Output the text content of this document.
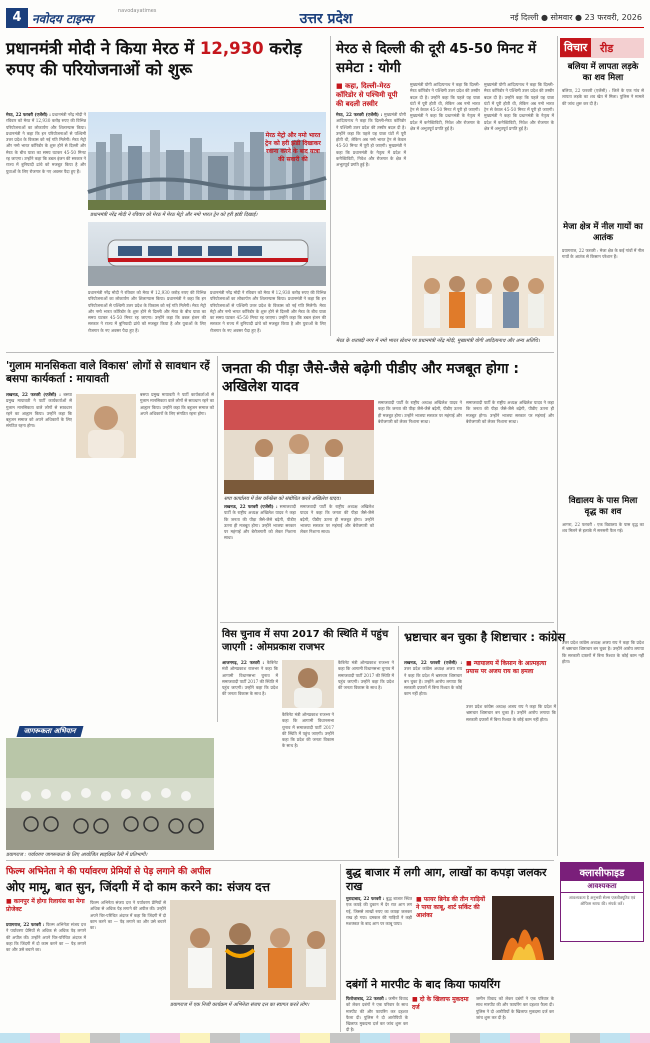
4 नवोदय टाइम्स
navodayatimes	उत्तर प्रदेश	नई दिल्ली ● सोमवार ● 23 फरवरी, 2026
प्रधानमंत्री मोदी ने किया मेरठ में 12,930 करोड़ रुपए की परियोजनाओं को शुरू
मेरठ, 22 फरवरी (एजेंसी) : प्रधानमंत्री नरेंद्र मोदी ने रविवार को मेरठ में 12,930 करोड़ रुपए की विभिन्न परियोजनाओं का लोकार्पण और शिलान्यास किया। प्रधानमंत्री ने कहा कि इन परियोजनाओं से पश्चिमी उत्तर प्रदेश के विकास को नई गति मिलेगी। मेरठ मेट्रो और नमो भारत कॉरिडोर के शुरू होने से दिल्ली और मेरठ के बीच यात्रा का समय घटकर 45-50 मिनट रह जाएगा। उन्होंने कहा कि डबल इंजन की सरकार ने राज्य में बुनियादी ढांचे को मजबूत किया है और युवाओं के लिए रोजगार के नए अवसर पैदा हुए हैं।
मेरठ मेट्रो और नमो भारत ट्रेन को हरी झंडी दिखाकर रवाना करने के बाद यात्रा की सवारी की
प्रधानमंत्री नरेंद्र मोदी ने रविवार को मेरठ में मेरठ मेट्रो और नमो भारत ट्रेन को हरी झंडी दिखाई।
प्रधानमंत्री नरेंद्र मोदी ने रविवार को मेरठ में 12,930 करोड़ रुपए की विभिन्न परियोजनाओं का लोकार्पण और शिलान्यास किया। प्रधानमंत्री ने कहा कि इन परियोजनाओं से पश्चिमी उत्तर प्रदेश के विकास को नई गति मिलेगी। मेरठ मेट्रो और नमो भारत कॉरिडोर के शुरू होने से दिल्ली और मेरठ के बीच यात्रा का समय घटकर 45-50 मिनट रह जाएगा। उन्होंने कहा कि डबल इंजन की सरकार ने राज्य में बुनियादी ढांचे को मजबूत किया है और युवाओं के लिए रोजगार के नए अवसर पैदा हुए हैं।
प्रधानमंत्री नरेंद्र मोदी ने रविवार को मेरठ में 12,930 करोड़ रुपए की विभिन्न परियोजनाओं का लोकार्पण और शिलान्यास किया। प्रधानमंत्री ने कहा कि इन परियोजनाओं से पश्चिमी उत्तर प्रदेश के विकास को नई गति मिलेगी। मेरठ मेट्रो और नमो भारत कॉरिडोर के शुरू होने से दिल्ली और मेरठ के बीच यात्रा का समय घटकर 45-50 मिनट रह जाएगा। उन्होंने कहा कि डबल इंजन की सरकार ने राज्य में बुनियादी ढांचे को मजबूत किया है और युवाओं के लिए रोजगार के नए अवसर पैदा हुए हैं।
मेरठ से दिल्ली की दूरी 45-50 मिनट में समेटा : योगी
■ कहा, दिल्ली-मेरठ कॉरिडोर से पश्चिमी यूपी की बदली तस्वीर
मेरठ, 22 फरवरी (एजेंसी) : मुख्यमंत्री योगी आदित्यनाथ ने कहा कि दिल्ली-मेरठ कॉरिडोर ने पश्चिमी उत्तर प्रदेश की तस्वीर बदल दी है। उन्होंने कहा कि पहले यह यात्रा घंटों में पूरी होती थी, लेकिन अब नमो भारत ट्रेन से केवल 45-50 मिनट में पूरी हो जाएगी। मुख्यमंत्री ने कहा कि प्रधानमंत्री के नेतृत्व में प्रदेश में कनेक्टिविटी, निवेश और रोजगार के क्षेत्र में अभूतपूर्व प्रगति हुई है।
मुख्यमंत्री योगी आदित्यनाथ ने कहा कि दिल्ली-मेरठ कॉरिडोर ने पश्चिमी उत्तर प्रदेश की तस्वीर बदल दी है। उन्होंने कहा कि पहले यह यात्रा घंटों में पूरी होती थी, लेकिन अब नमो भारत ट्रेन से केवल 45-50 मिनट में पूरी हो जाएगी। मुख्यमंत्री ने कहा कि प्रधानमंत्री के नेतृत्व में प्रदेश में कनेक्टिविटी, निवेश और रोजगार के क्षेत्र में अभूतपूर्व प्रगति हुई है।
मुख्यमंत्री योगी आदित्यनाथ ने कहा कि दिल्ली-मेरठ कॉरिडोर ने पश्चिमी उत्तर प्रदेश की तस्वीर बदल दी है। उन्होंने कहा कि पहले यह यात्रा घंटों में पूरी होती थी, लेकिन अब नमो भारत ट्रेन से केवल 45-50 मिनट में पूरी हो जाएगी। मुख्यमंत्री ने कहा कि प्रधानमंत्री के नेतृत्व में प्रदेश में कनेक्टिविटी, निवेश और रोजगार के क्षेत्र में अभूतपूर्व प्रगति हुई है।
मेरठ के शताब्दी नगर में नमो भारत स्टेशन पर प्रधानमंत्री नरेंद्र मोदी, मुख्यमंत्री योगी आदित्यनाथ और अन्य अतिथि।
विचार	रीड
बलिया में लापता लड़के का शव मिला
बलिया, 22 फरवरी (एजेंसी) : जिले के एक गांव से लापता लड़के का शव खेत में मिला। पुलिस ने मामले की जांच शुरू कर दी है।
मेजा क्षेत्र में नील गायों का आतंक
प्रयागराज, 22 फरवरी : मेजा क्षेत्र के कई गांवों में नील गायों के आतंक से किसान परेशान हैं।
विद्यालय के पास मिला वृद्ध का शव
आगरा, 22 फरवरी : एक विद्यालय के पास वृद्ध का शव मिलने से इलाके में सनसनी फैल गई।
'गुलाम मानसिकता वाले विकास' लोगों से सावधान रहें बसपा कार्यकर्ता : मायावती
लखनऊ, 22 फरवरी (एजेंसी) : बसपा प्रमुख मायावती ने पार्टी कार्यकर्ताओं से गुलाम मानसिकता वाले लोगों से सावधान रहने का आह्वान किया। उन्होंने कहा कि बहुजन समाज को अपने अधिकारों के लिए संगठित रहना होगा।
बसपा प्रमुख मायावती ने पार्टी कार्यकर्ताओं से गुलाम मानसिकता वाले लोगों से सावधान रहने का आह्वान किया। उन्होंने कहा कि बहुजन समाज को अपने अधिकारों के लिए संगठित रहना होगा।
जनता की पीड़ा जैसे-जैसे बढ़ेगी पीडीए और मजबूत होगा : अखिलेश यादव
सपा कार्यालय में प्रेस कॉन्फ्रेंस को संबोधित करते अखिलेश यादव।
लखनऊ, 22 फरवरी (एजेंसी) : समाजवादी पार्टी के राष्ट्रीय अध्यक्ष अखिलेश यादव ने कहा कि जनता की पीड़ा जैसे-जैसे बढ़ेगी, पीडीए उतना ही मजबूत होगा। उन्होंने भाजपा सरकार पर महंगाई और बेरोजगारी को लेकर निशाना साधा।
समाजवादी पार्टी के राष्ट्रीय अध्यक्ष अखिलेश यादव ने कहा कि जनता की पीड़ा जैसे-जैसे बढ़ेगी, पीडीए उतना ही मजबूत होगा। उन्होंने भाजपा सरकार पर महंगाई और बेरोजगारी को लेकर निशाना साधा।
समाजवादी पार्टी के राष्ट्रीय अध्यक्ष अखिलेश यादव ने कहा कि जनता की पीड़ा जैसे-जैसे बढ़ेगी, पीडीए उतना ही मजबूत होगा। उन्होंने भाजपा सरकार पर महंगाई और बेरोजगारी को लेकर निशाना साधा।
समाजवादी पार्टी के राष्ट्रीय अध्यक्ष अखिलेश यादव ने कहा कि जनता की पीड़ा जैसे-जैसे बढ़ेगी, पीडीए उतना ही मजबूत होगा। उन्होंने भाजपा सरकार पर महंगाई और बेरोजगारी को लेकर निशाना साधा।
जागरूकता अभियान
प्रयागराज : पर्यावरण जागरूकता के लिए आयोजित साइकिल रैली में प्रतिभागी।
विस चुनाव में सपा 2017 की स्थिति में पहुंच जाएगी : ओमप्रकाश राजभर
आजमगढ़, 22 फरवरी : कैबिनेट मंत्री ओमप्रकाश राजभर ने कहा कि आगामी विधानसभा चुनाव में समाजवादी पार्टी 2017 की स्थिति में पहुंच जाएगी। उन्होंने कहा कि प्रदेश की जनता विकास के साथ है।
कैबिनेट मंत्री ओमप्रकाश राजभर ने कहा कि आगामी विधानसभा चुनाव में समाजवादी पार्टी 2017 की स्थिति में पहुंच जाएगी। उन्होंने कहा कि प्रदेश की जनता विकास के साथ है।
कैबिनेट मंत्री ओमप्रकाश राजभर ने कहा कि आगामी विधानसभा चुनाव में समाजवादी पार्टी 2017 की स्थिति में पहुंच जाएगी। उन्होंने कहा कि प्रदेश की जनता विकास के साथ है।
भ्रष्टाचार बन चुका है शिष्टाचार : कांग्रेस
लखनऊ, 22 फरवरी (एजेंसी) : उत्तर प्रदेश कांग्रेस अध्यक्ष अजय राय ने कहा कि प्रदेश में भ्रष्टाचार शिष्टाचार बन चुका है। उन्होंने आरोप लगाया कि सरकारी दफ्तरों में बिना रिश्वत के कोई काम नहीं होता।
■ न्यायालय में किसान के आत्महत्या प्रयास पर अजय राय का हमला
उत्तर प्रदेश कांग्रेस अध्यक्ष अजय राय ने कहा कि प्रदेश में भ्रष्टाचार शिष्टाचार बन चुका है। उन्होंने आरोप लगाया कि सरकारी दफ्तरों में बिना रिश्वत के कोई काम नहीं होता।
उत्तर प्रदेश कांग्रेस अध्यक्ष अजय राय ने कहा कि प्रदेश में भ्रष्टाचार शिष्टाचार बन चुका है। उन्होंने आरोप लगाया कि सरकारी दफ्तरों में बिना रिश्वत के कोई काम नहीं होता।
फिल्म अभिनेता ने की पर्यावरण प्रेमियों से पेड़ लगाने की अपील
ओए मामू, बात सुन, जिंदगी में दो काम करने का: संजय दत्त
■ कानपुर में होगा रिलायंस का मेगा प्रोजेक्ट
प्रयागराज, 22 फरवरी : फिल्म अभिनेता संजय दत्त ने पर्यावरण प्रेमियों से अधिक से अधिक पेड़ लगाने की अपील की। उन्होंने अपने चिर-परिचित अंदाज में कहा कि जिंदगी में दो काम करने का — पेड़ लगाने का और उसे बचाने का।
फिल्म अभिनेता संजय दत्त ने पर्यावरण प्रेमियों से अधिक से अधिक पेड़ लगाने की अपील की। उन्होंने अपने चिर-परिचित अंदाज में कहा कि जिंदगी में दो काम करने का — पेड़ लगाने का और उसे बचाने का।
प्रयागराज में एक निजी कार्यक्रम में अभिनेता संजय दत्त का स्वागत करते लोग।
बुद्ध बाजार में लगी आग, लाखों का कपड़ा जलकर राख
मुरादाबाद, 22 फरवरी : बुद्ध बाजार स्थित एक कपड़े की दुकान में देर रात आग लग गई, जिससे लाखों रुपए का कपड़ा जलकर राख हो गया। दमकल की गाड़ियों ने कड़ी मशक्कत के बाद आग पर काबू पाया।
■ फायर ब्रिगेड की तीन गाड़ियों ने पाया काबू, शार्ट सर्किट की आशंका
दबंगों ने मारपीट के बाद किया फायरिंग
फिरोजाबाद, 22 फरवरी : जमीन विवाद को लेकर दबंगों ने एक परिवार के साथ मारपीट की और फायरिंग कर दहशत फैला दी। पुलिस ने दो आरोपियों के खिलाफ मुकदमा दर्ज कर जांच शुरू कर दी है।
■ दो के खिलाफ मुकदमा दर्ज
जमीन विवाद को लेकर दबंगों ने एक परिवार के साथ मारपीट की और फायरिंग कर दहशत फैला दी। पुलिस ने दो आरोपियों के खिलाफ मुकदमा दर्ज कर जांच शुरू कर दी है।
क्लासीफाइड
आवश्यकता
आवश्यकता है अनुभवी सेल्स एक्जीक्यूटिव एवं ऑफिस स्टाफ की। संपर्क करें।
